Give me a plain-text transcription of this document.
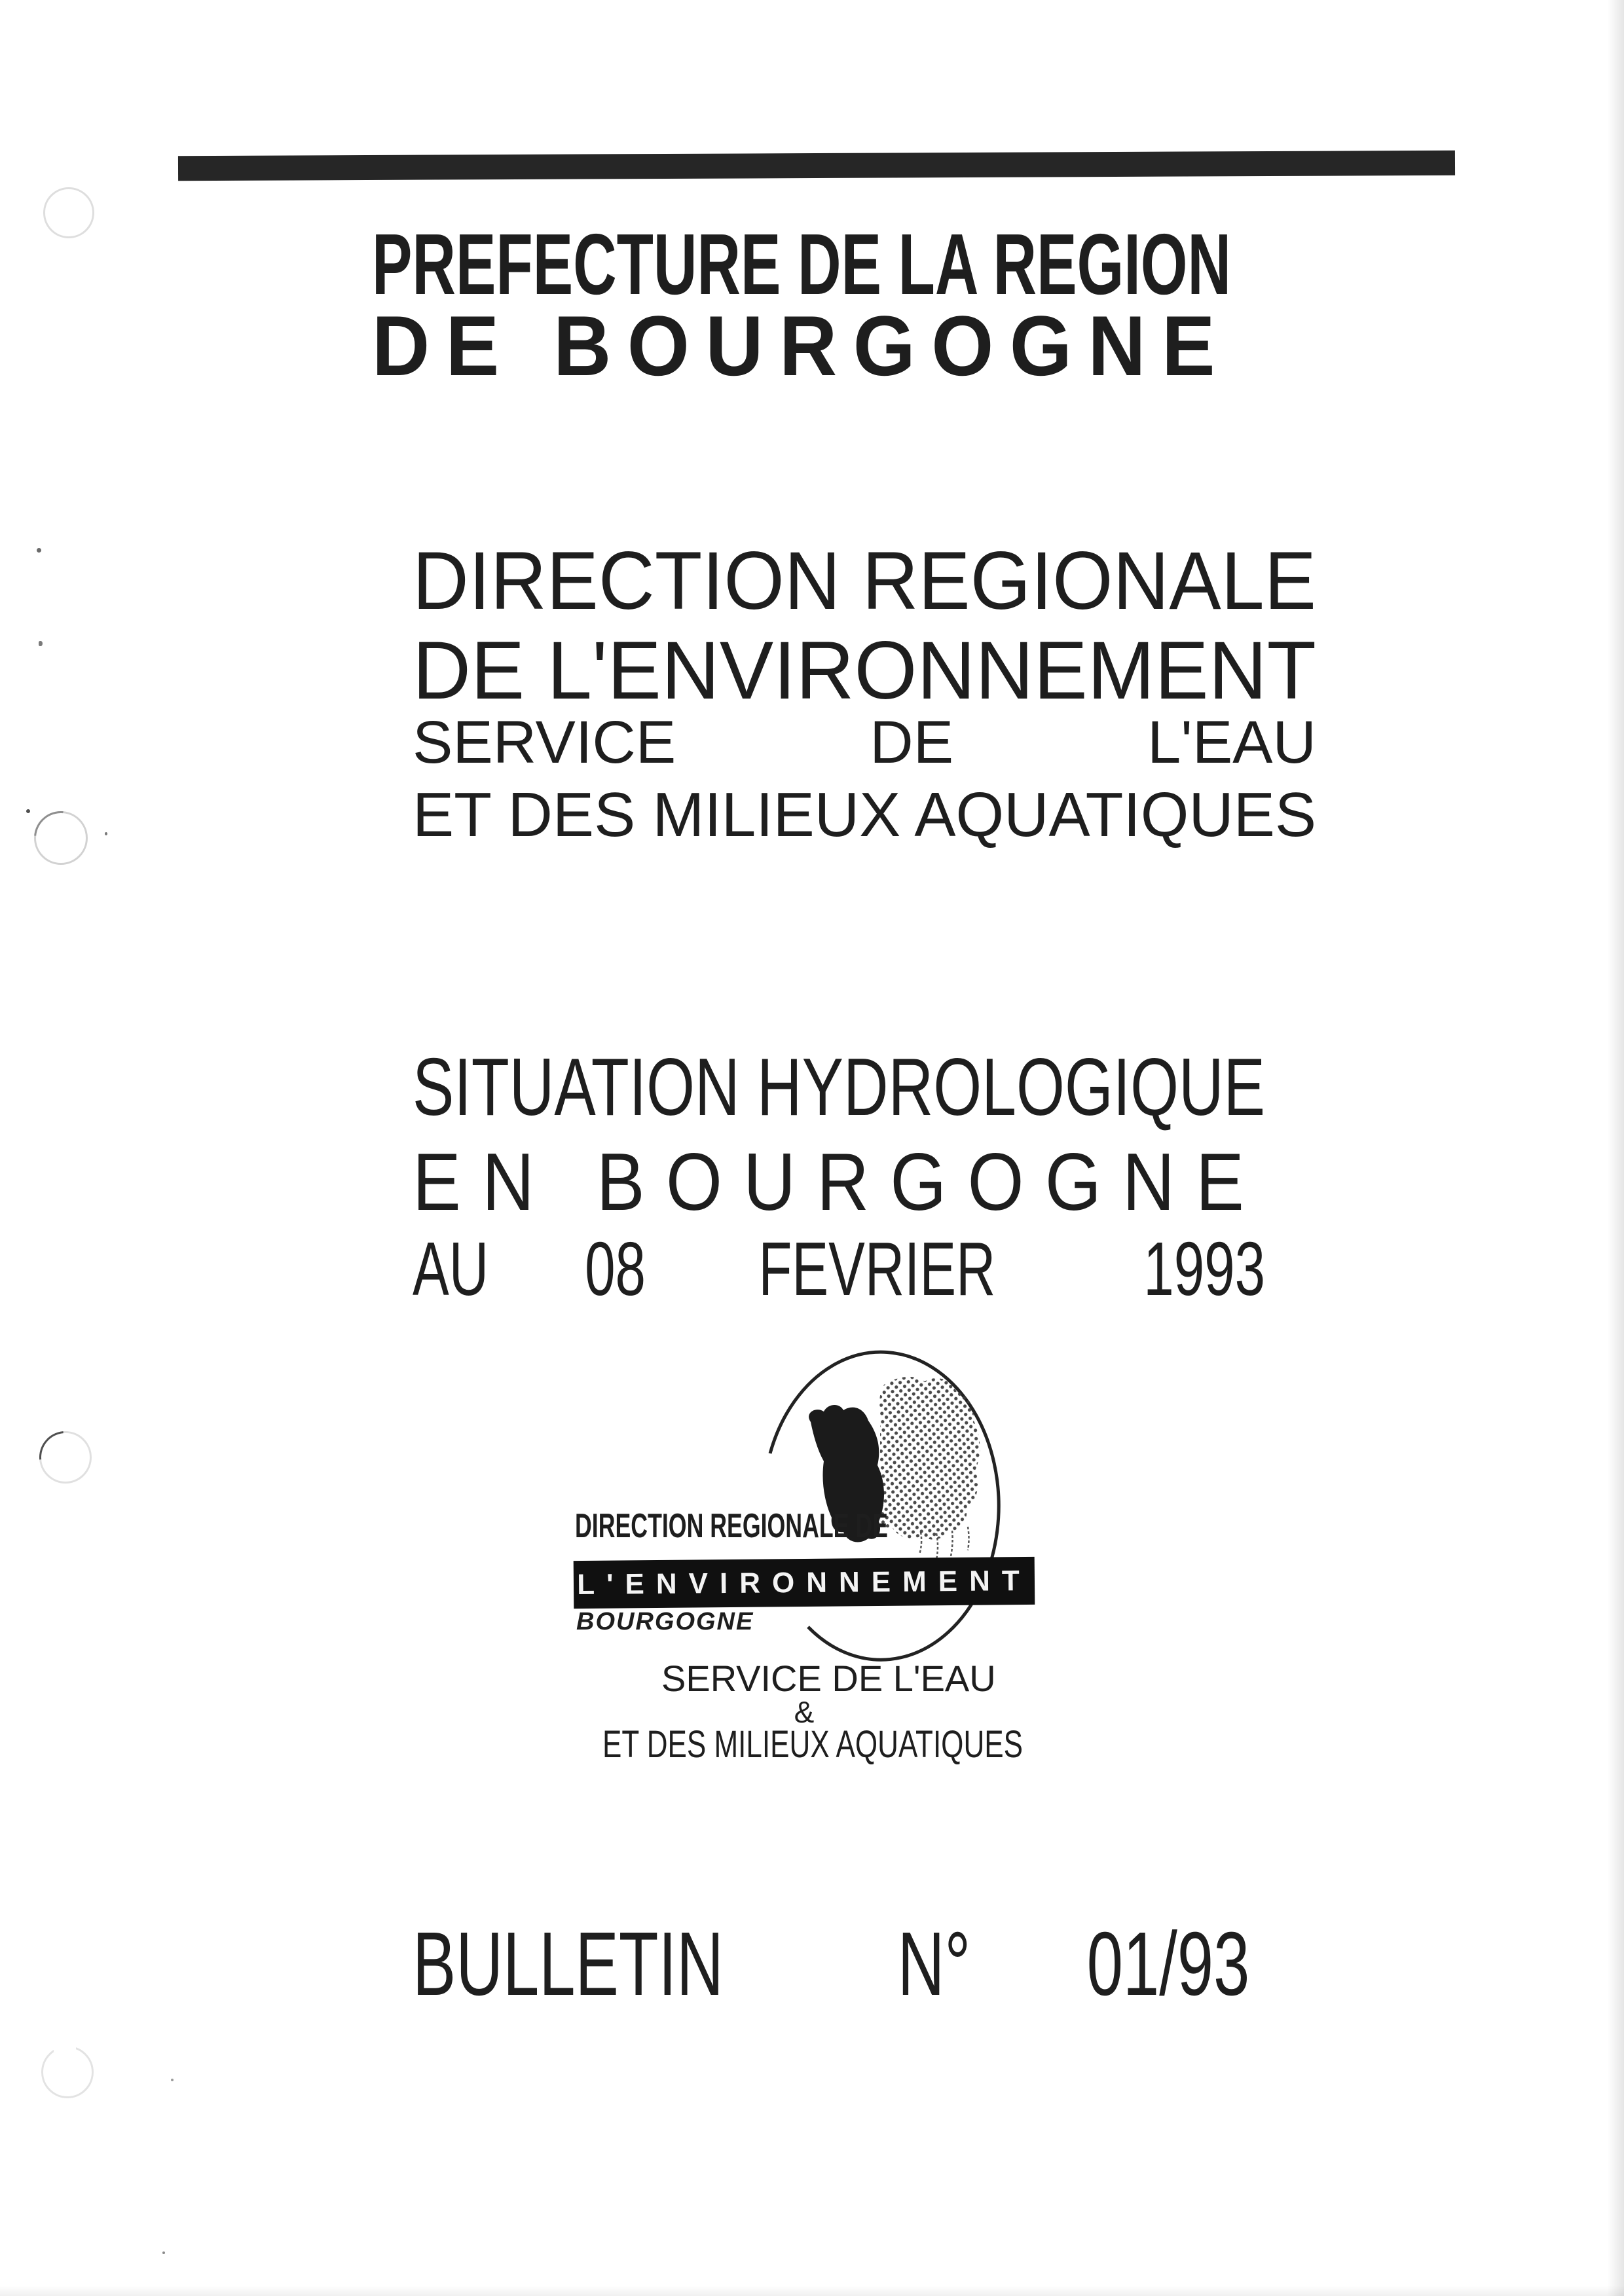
PREFECTURE DE LA REGION
DE BOURGOGNE
DIRECTION REGIONALE
DE L'ENVIRONNEMENT
SERVICE DE L'EAU
ET DES MILIEUX AQUATIQUES
SITUATION HYDROLOGIQUE
EN BOURGOGNE
AU 08 FEVRIER 1993
DIRECTION REGIONALE DE
L'ENVIRONNEMENT
BOURGOGNE
SERVICE DE L'EAU
&
ET DES MILIEUX AQUATIQUES
BULLETIN N° 01/93
